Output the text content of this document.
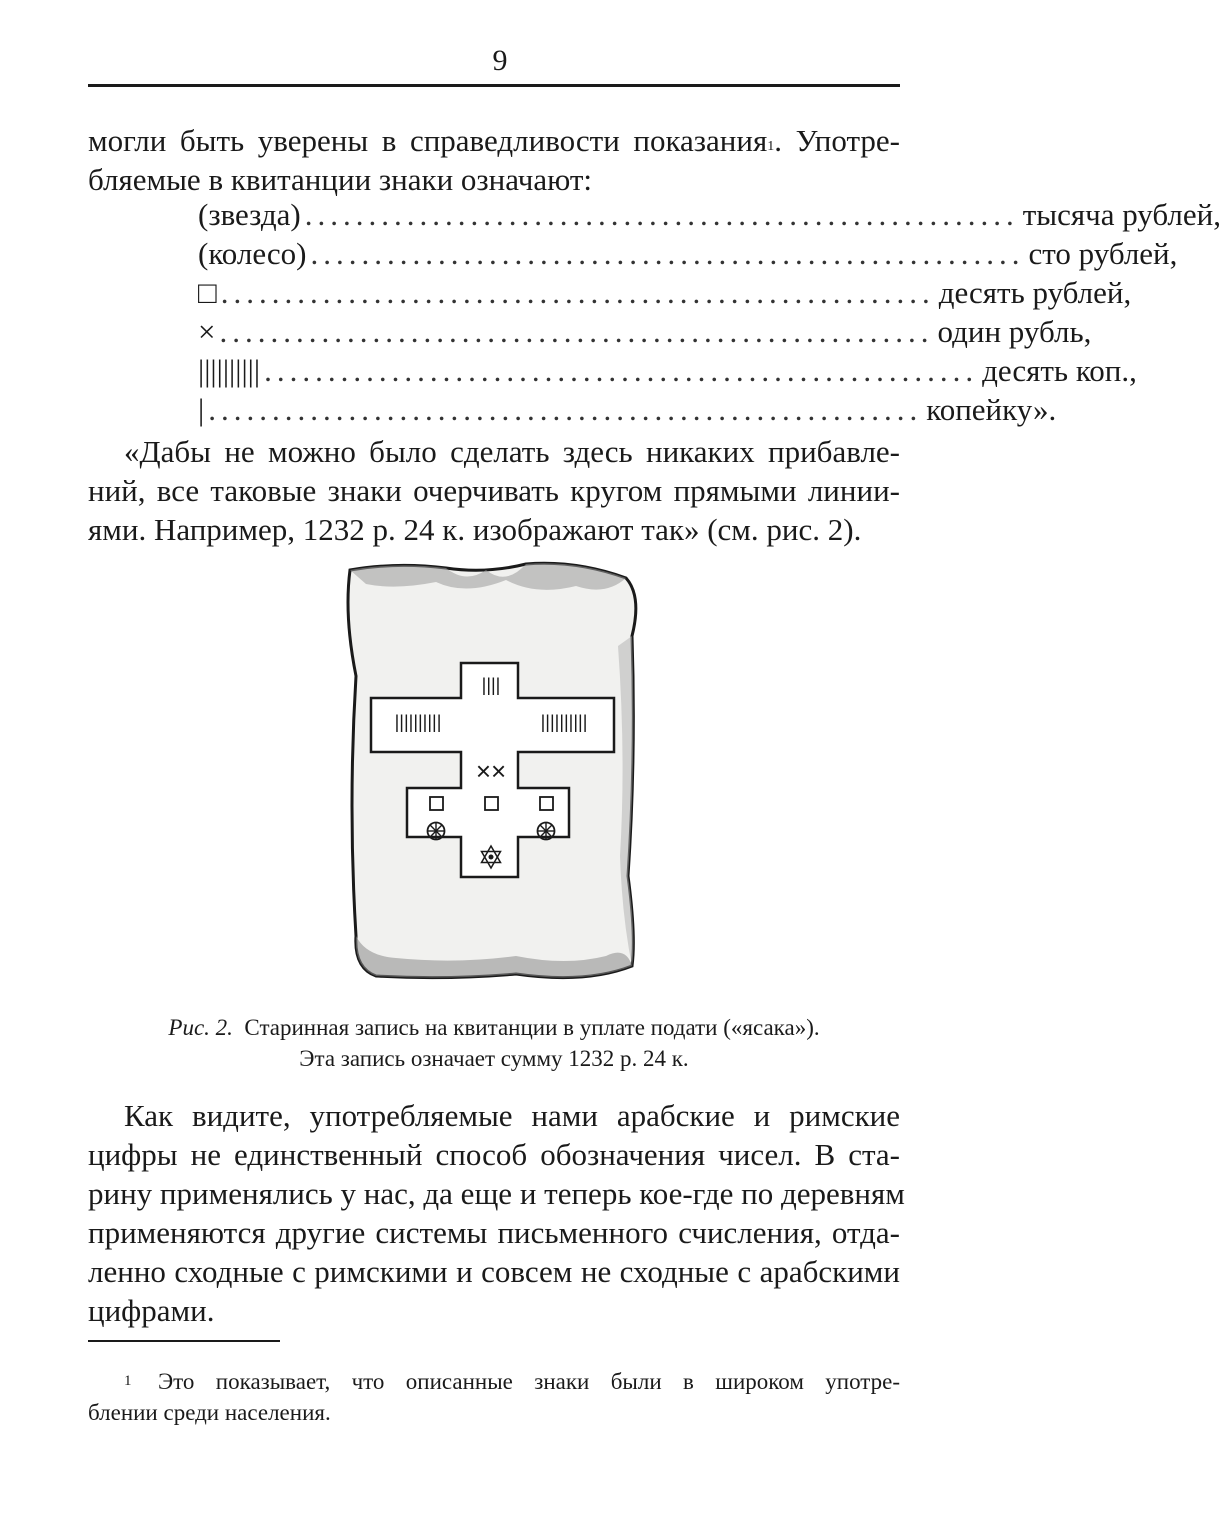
9
могли быть уверены в справедливости показания$^1$. Употре-
бляемые в квитанции знаки означают:
(звезда) ........................................................ тысяча рублей,
(колесо) ........................................................ сто рублей,
□ ........................................................ десять рублей,
× ........................................................ один рубль,
|||||||||| ........................................................ десять коп.,
| ........................................................ копейку».
«Дабы не можно было сделать здесь никаких прибавле-
ний, все таковые знаки очерчивать кругом прямыми линии-
ями. Например, 1232 р. 24 к. изображают так» (см. рис. 2).
||||
||||||||||	||||||||||
××
Рис. 2. Старинная запись на квитанции в уплате подати («ясака»).
Эта запись означает сумму 1232 р. 24 к.
Как видите, употребляемые нами арабские и римские
цифры не единственный способ обозначения чисел. В ста-
рину применялись у нас, да еще и теперь кое-где по деревням
применяются другие системы письменного счисления, отда-
ленно сходные с римскими и совсем не сходные с арабскими
цифрами.
1 Это показывает, что описанные знаки были в широком употре-
блении среди населения.
